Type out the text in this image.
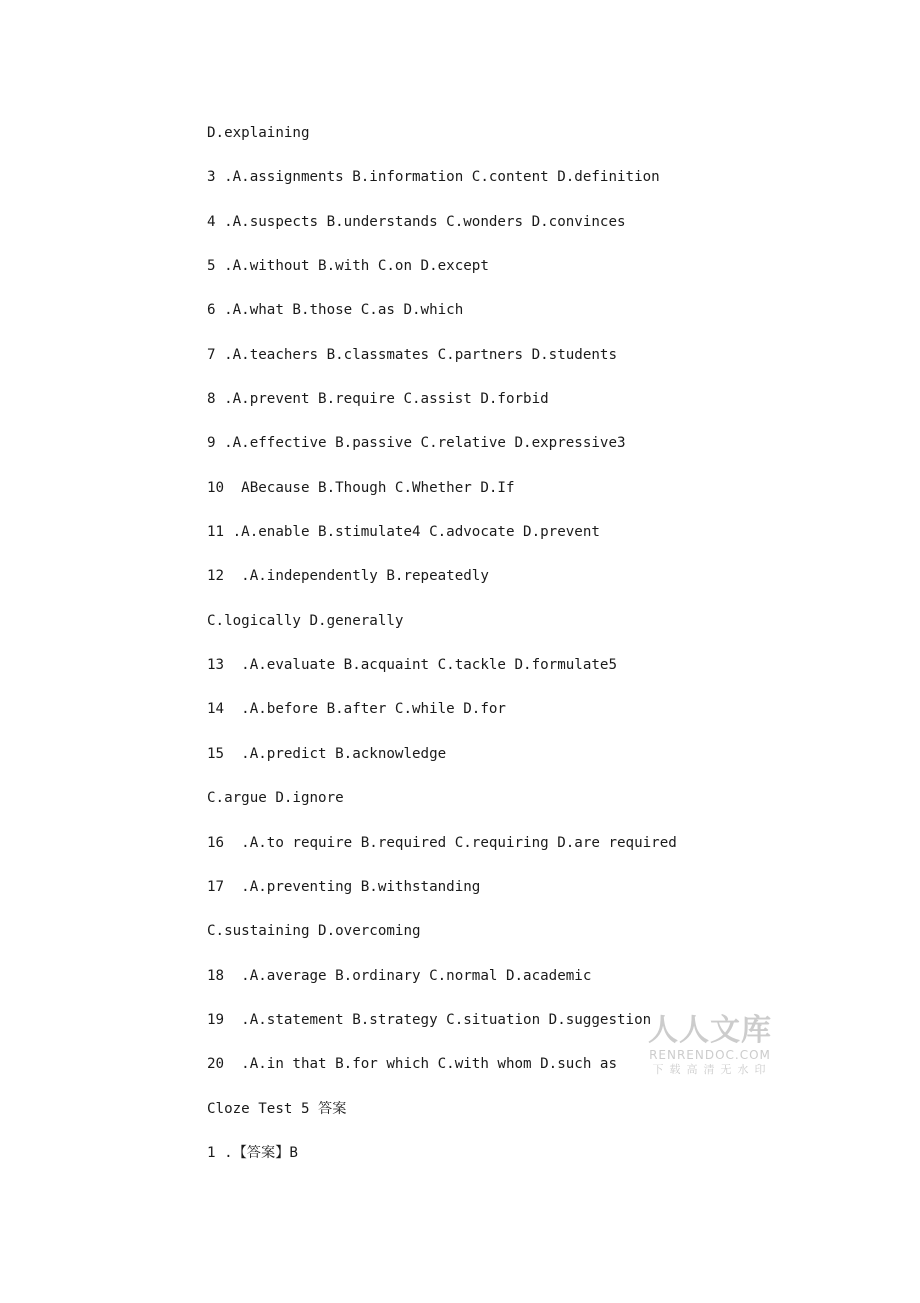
D.explaining
3 .A.assignments B.information C.content D.definition
4 .A.suspects B.understands C.wonders D.convinces
5 .A.without B.with C.on D.except
6 .A.what B.those C.as D.which
7 .A.teachers B.classmates C.partners D.students
8 .A.prevent B.require C.assist D.forbid
9 .A.effective B.passive C.relative D.expressive3
10  ABecause B.Though C.Whether D.If
11 .A.enable B.stimulate4 C.advocate D.prevent
12  .A.independently B.repeatedly
C.logically D.generally
13  .A.evaluate B.acquaint C.tackle D.formulate5
14  .A.before B.after C.while D.for
15  .A.predict B.acknowledge
C.argue D.ignore
16  .A.to require B.required C.requiring D.are required
17  .A.preventing B.withstanding
C.sustaining D.overcoming
18  .A.average B.ordinary C.normal D.academic
19  .A.statement B.strategy C.situation D.suggestion
20  .A.in that B.for which C.with whom D.such as
Cloze Test 5 答案
1 .【答案】B
人人文库
RENRENDOC.COM
下载高清无水印
